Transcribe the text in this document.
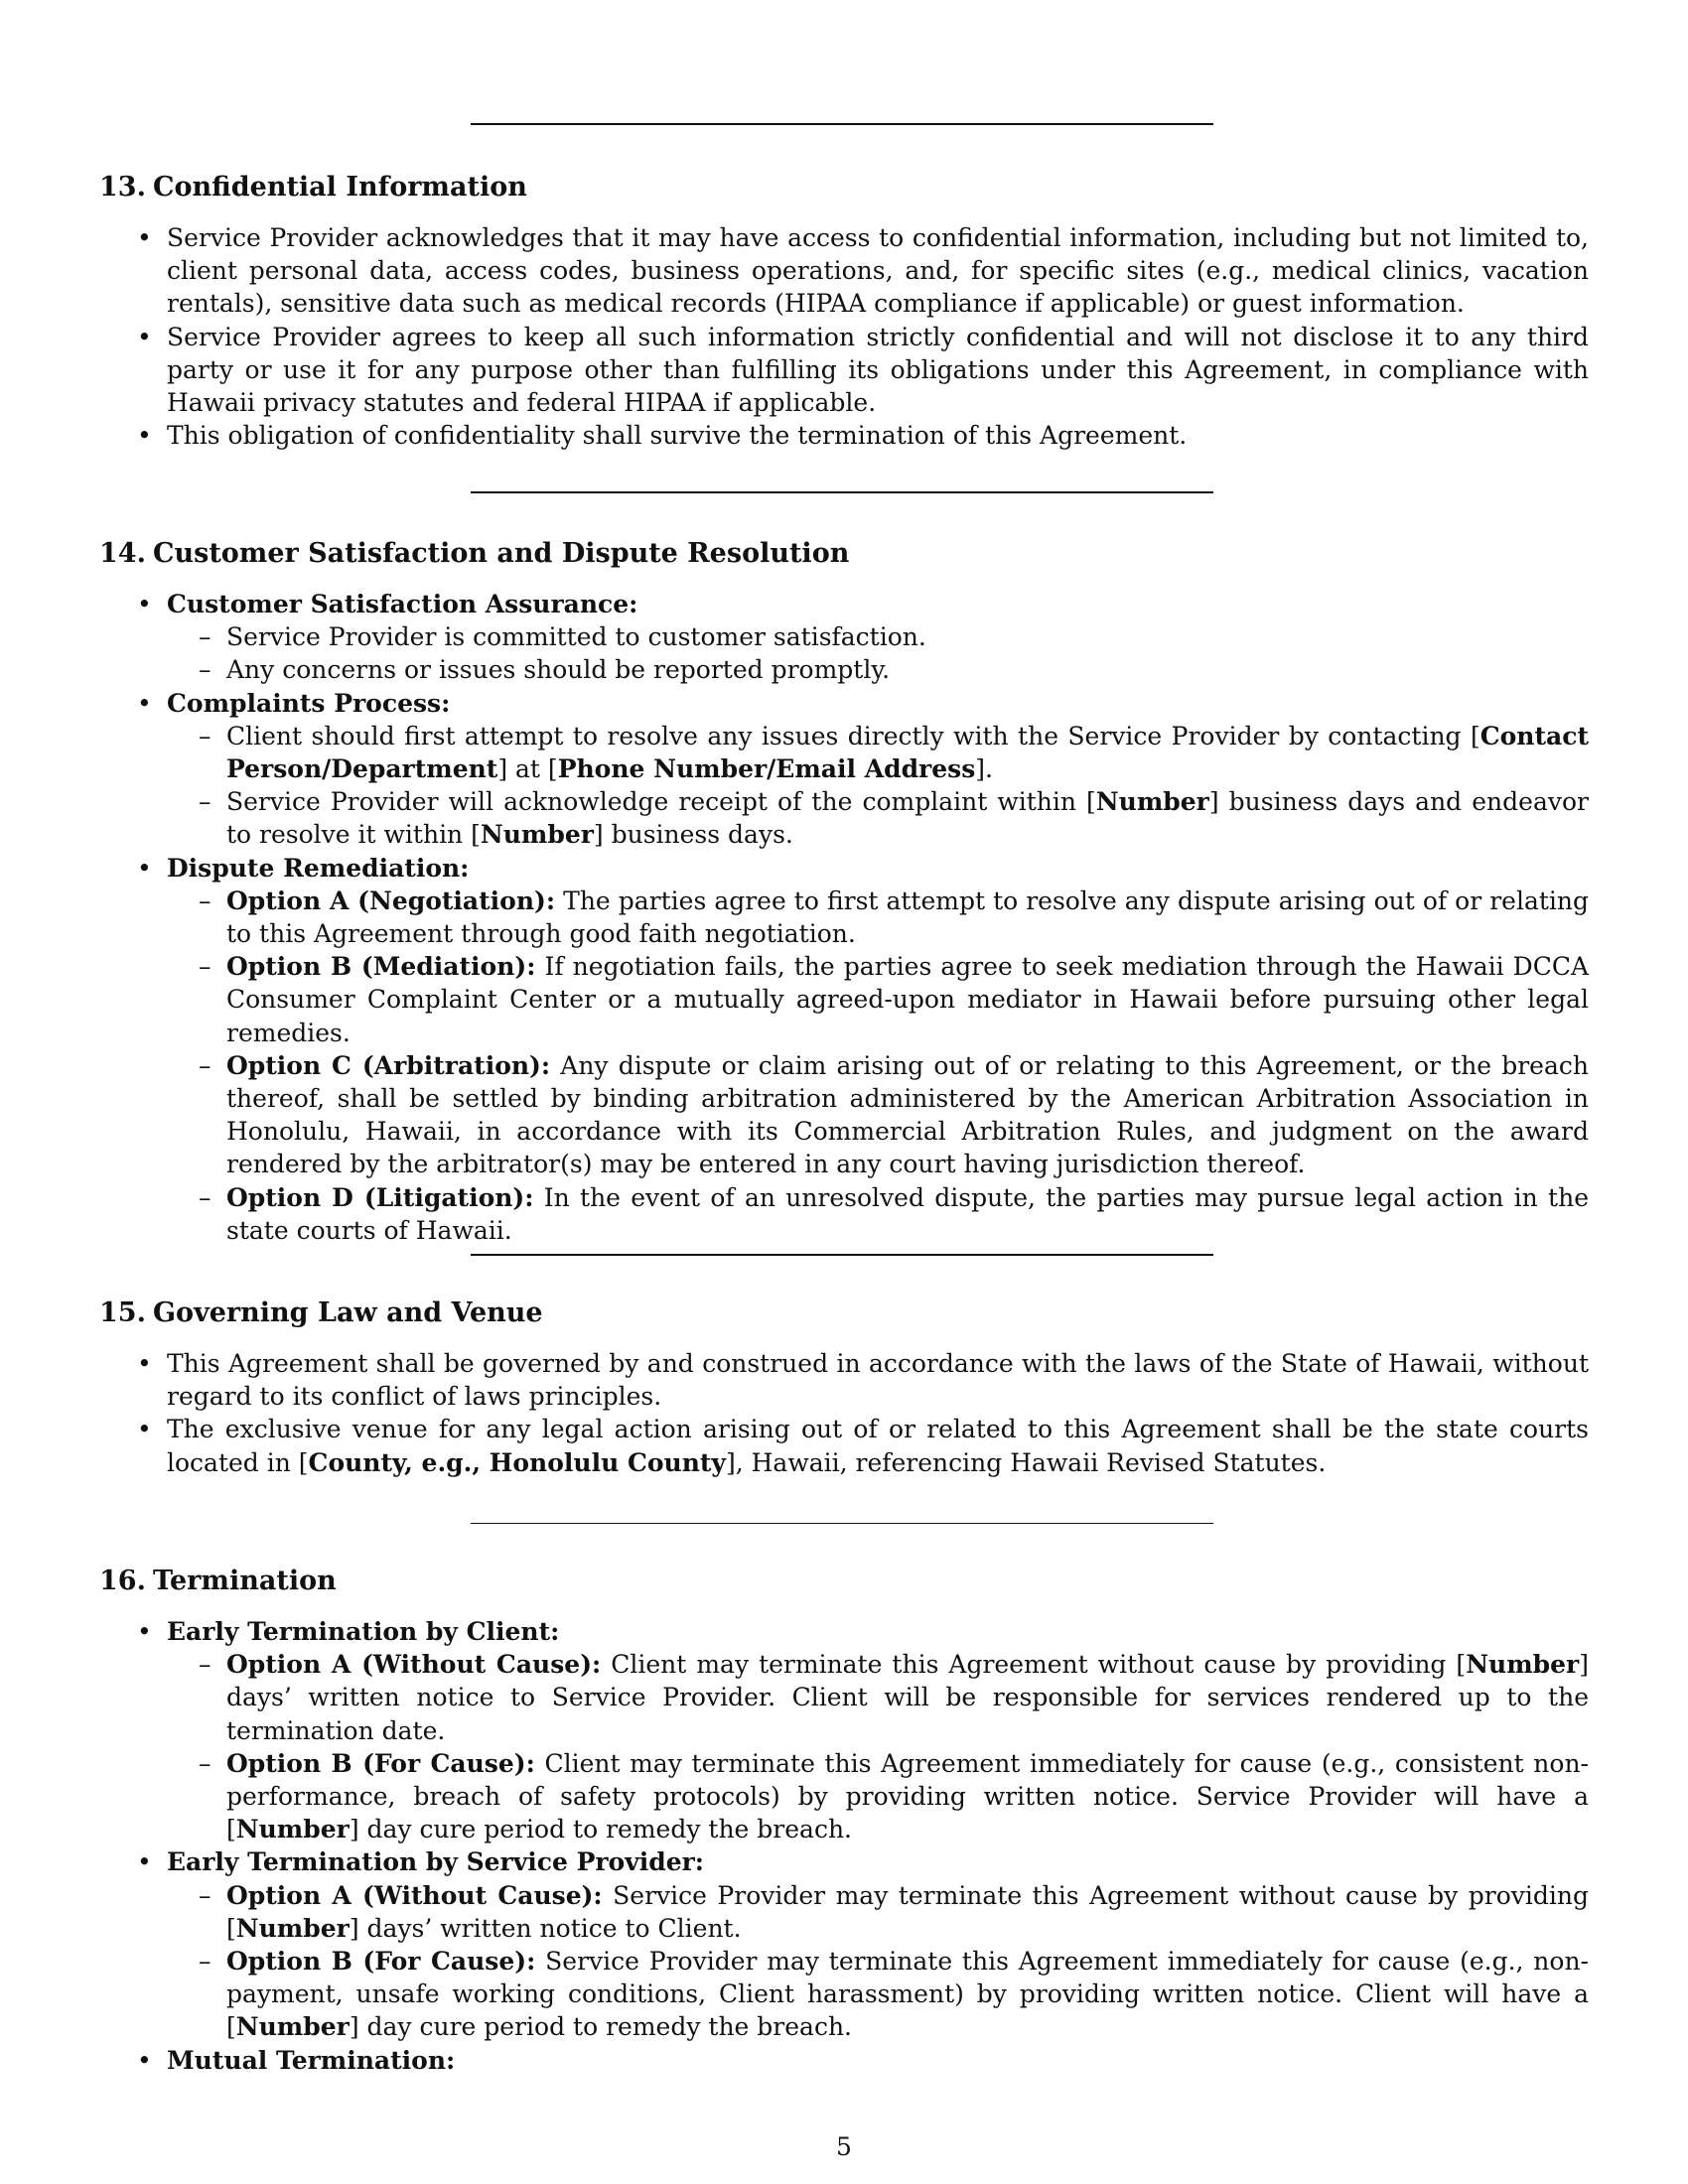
13. Confidential Information
• Service Provider acknowledges that it may have access to confidential information, including but not limited to, client personal data, access codes, business operations, and, for specific sites (e.g., medical clinics, vacation rentals), sensitive data such as medical records (HIPAA compliance if applicable) or guest information.
• Service Provider agrees to keep all such information strictly confidential and will not disclose it to any third party or use it for any purpose other than fulfilling its obligations under this Agreement, in compliance with Hawaii privacy statutes and federal HIPAA if applicable.
• This obligation of confidentiality shall survive the termination of this Agreement.
14. Customer Satisfaction and Dispute Resolution
• Customer Satisfaction Assurance:
– Service Provider is committed to customer satisfaction.
– Any concerns or issues should be reported promptly.
• Complaints Process:
– Client should first attempt to resolve any issues directly with the Service Provider by contacting [Contact Person/Department] at [Phone Number/Email Address].
– Service Provider will acknowledge receipt of the complaint within [Number] business days and endeavor to resolve it within [Number] business days.
• Dispute Remediation:
– Option A (Negotiation): The parties agree to first attempt to resolve any dispute arising out of or relating to this Agreement through good faith negotiation.
– Option B (Mediation): If negotiation fails, the parties agree to seek mediation through the Hawaii DCCA Consumer Complaint Center or a mutually agreed-upon mediator in Hawaii before pursuing other legal remedies.
– Option C (Arbitration): Any dispute or claim arising out of or relating to this Agreement, or the breach thereof, shall be settled by binding arbitration administered by the American Arbitration Association in Honolulu, Hawaii, in accordance with its Commercial Arbitration Rules, and judgment on the award rendered by the arbitrator(s) may be entered in any court having jurisdiction thereof.
– Option D (Litigation): In the event of an unresolved dispute, the parties may pursue legal action in the state courts of Hawaii.
15. Governing Law and Venue
• This Agreement shall be governed by and construed in accordance with the laws of the State of Hawaii, without regard to its conflict of laws principles.
• The exclusive venue for any legal action arising out of or related to this Agreement shall be the state courts located in [County, e.g., Honolulu County], Hawaii, referencing Hawaii Revised Statutes.
16. Termination
• Early Termination by Client:
– Option A (Without Cause): Client may terminate this Agreement without cause by providing [Number] days’ written notice to Service Provider. Client will be responsible for services rendered up to the termination date.
– Option B (For Cause): Client may terminate this Agreement immediately for cause (e.g., consistent non-performance, breach of safety protocols) by providing written notice. Service Provider will have a [Number] day cure period to remedy the breach.
• Early Termination by Service Provider:
– Option A (Without Cause): Service Provider may terminate this Agreement without cause by providing [Number] days’ written notice to Client.
– Option B (For Cause): Service Provider may terminate this Agreement immediately for cause (e.g., non-payment, unsafe working conditions, Client harassment) by providing written notice. Client will have a [Number] day cure period to remedy the breach.
• Mutual Termination:
5
